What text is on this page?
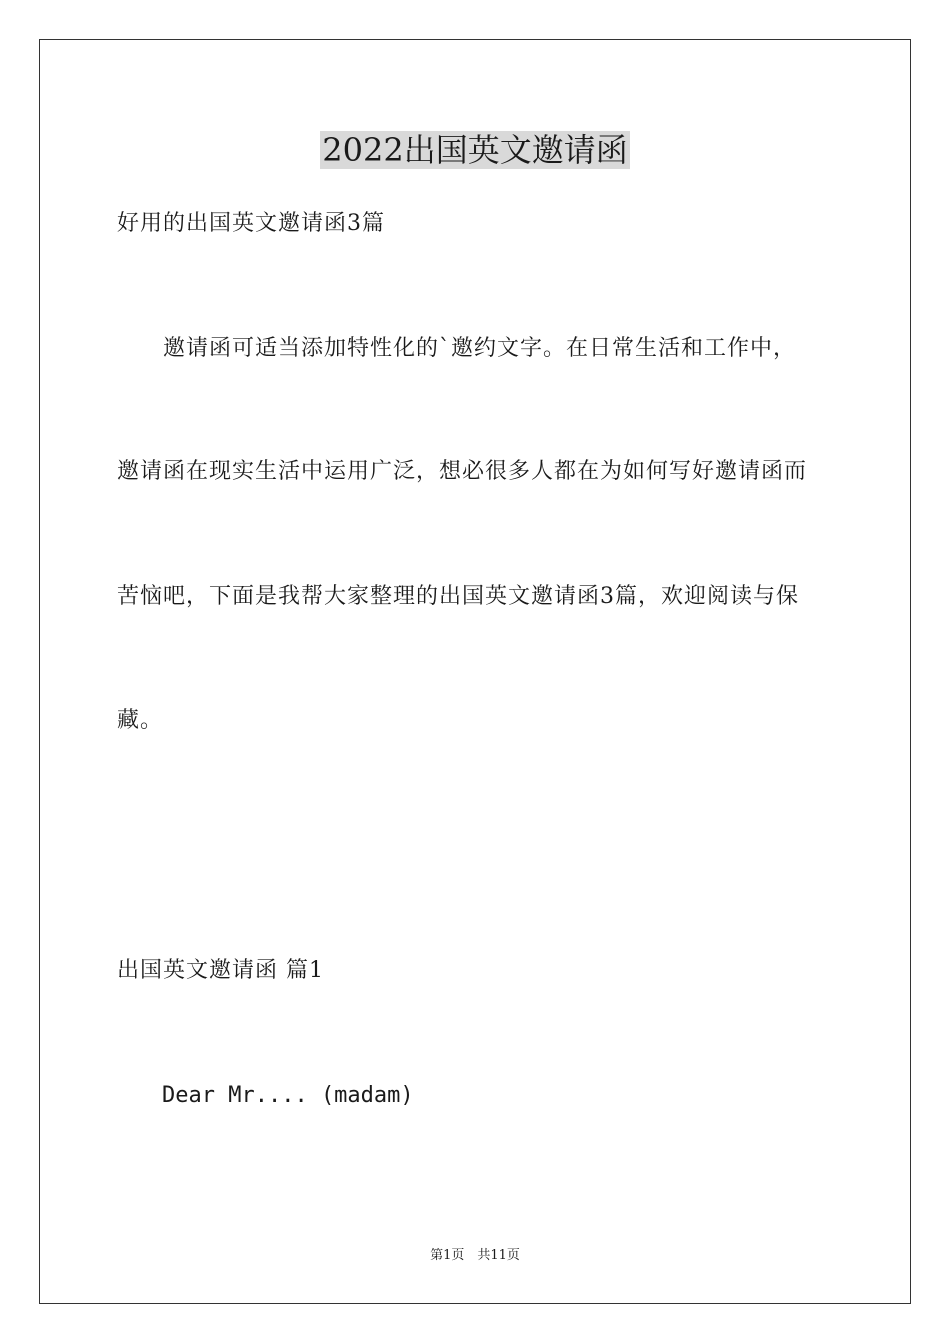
2022出国英文邀请函
好用的出国英文邀请函3篇
　　邀请函可适当添加特性化的`邀约文字。在日常生活和工作中，
邀请函在现实生活中运用广泛，想必很多人都在为如何写好邀请函而
苦恼吧，下面是我帮大家整理的出国英文邀请函3篇，欢迎阅读与保
藏。
出国英文邀请函 篇1
Dear Mr.... (madam)
第1页　共11页
